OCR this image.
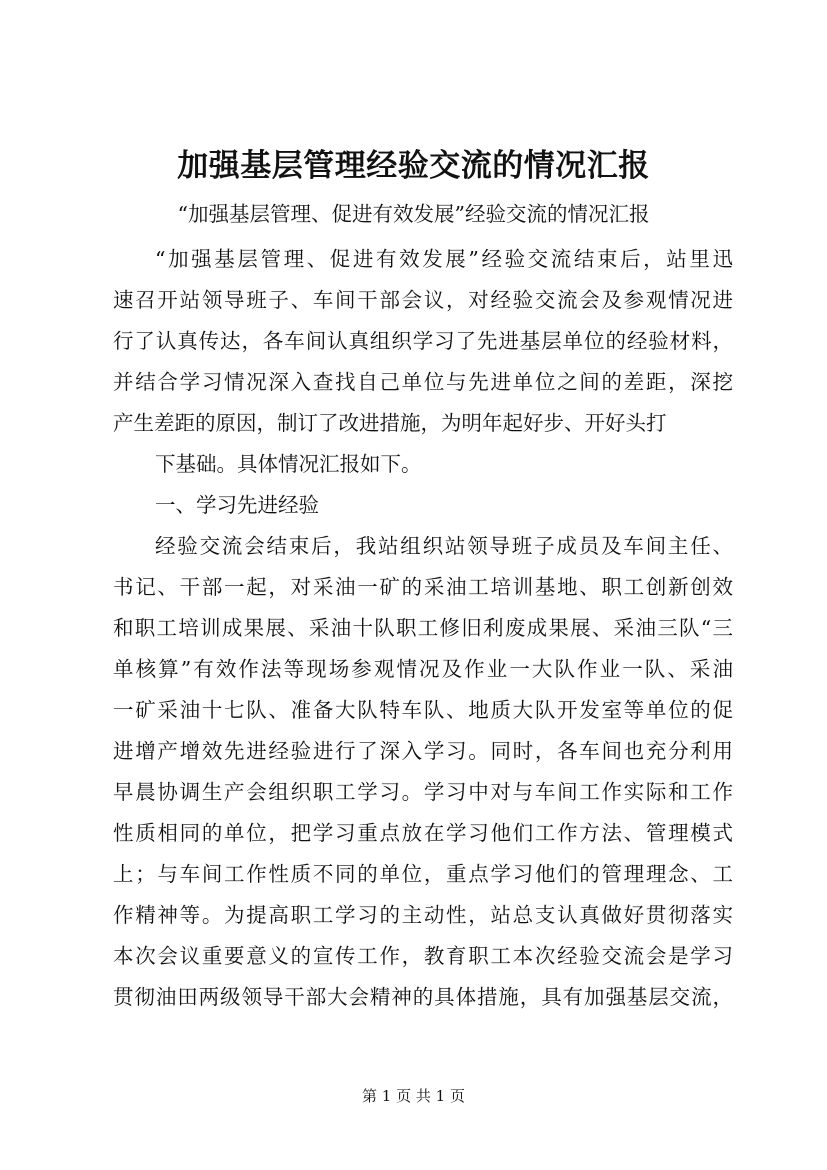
加强基层管理经验交流的情况汇报
“加强基层管理、促进有效发展”经验交流的情况汇报
“加强基层管理、促进有效发展”经验交流结束后，站里迅
速召开站领导班子、车间干部会议，对经验交流会及参观情况进
行了认真传达，各车间认真组织学习了先进基层单位的经验材料，
并结合学习情况深入查找自己单位与先进单位之间的差距，深挖
产生差距的原因，制订了改进措施，为明年起好步、开好头打
下基础。具体情况汇报如下。
一、学习先进经验
经验交流会结束后，我站组织站领导班子成员及车间主任、
书记、干部一起，对采油一矿的采油工培训基地、职工创新创效
和职工培训成果展、采油十队职工修旧利废成果展、采油三队“三
单核算”有效作法等现场参观情况及作业一大队作业一队、采油
一矿采油十七队、准备大队特车队、地质大队开发室等单位的促
进增产增效先进经验进行了深入学习。同时，各车间也充分利用
早晨协调生产会组织职工学习。学习中对与车间工作实际和工作
性质相同的单位，把学习重点放在学习他们工作方法、管理模式
上；与车间工作性质不同的单位，重点学习他们的管理理念、工
作精神等。为提高职工学习的主动性，站总支认真做好贯彻落实
本次会议重要意义的宣传工作，教育职工本次经验交流会是学习
贯彻油田两级领导干部大会精神的具体措施，具有加强基层交流，
第 1 页 共 1 页
